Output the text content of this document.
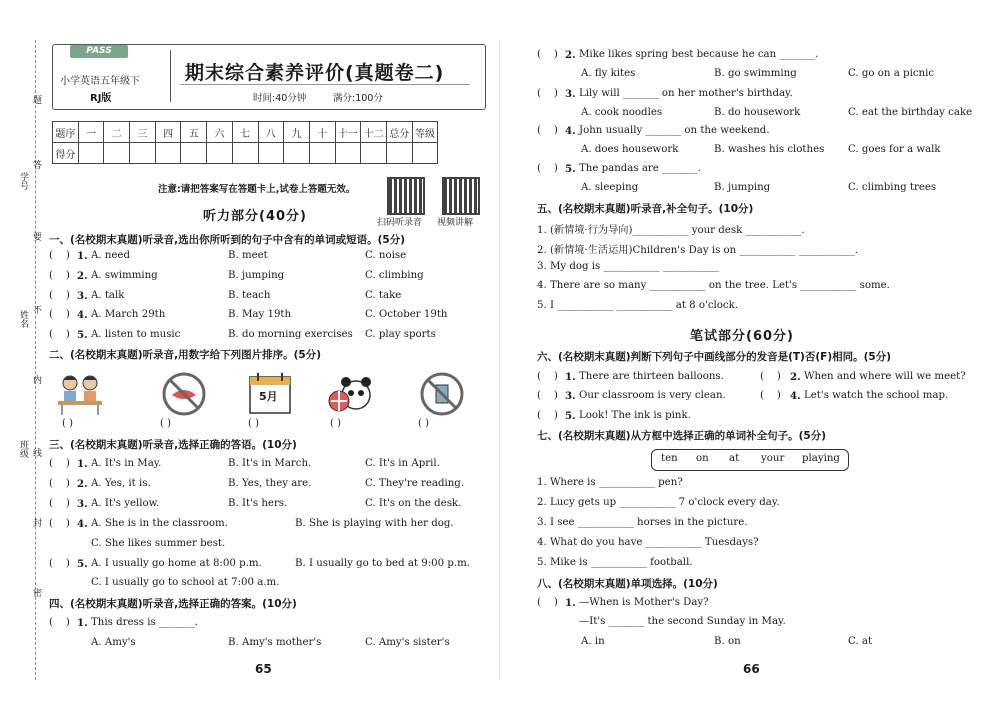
学号
姓名
班级
题
答
要
不
内
线
封
密
PASS
小学英语五年级下
RJ版
期末综合素养评价(真题卷二)
时间:40分钟	满分:100分
题序	一	二	三	四	五	六	七	八	九	十	十一	十二	总分	等级
得分														
注意:请把答案写在答题卡上,试卷上答题无效。
扫码听录音 视频讲解
听力部分(40分)
一、(名校期末真题)听录音,选出你所听到的句子中含有的单词或短语。(5分)
(    ) 1. A. need	B. meet	C. noise
(    ) 2. A. swimming	B. jumping	C. climbing
(    ) 3. A. talk	B. teach	C. take
(    ) 4. A. March 29th	B. May 19th	C. October 19th
(    ) 5. A. listen to music	B. do morning exercises C. play sports
二、(名校期末真题)听录音,用数字给下列图片排序。(5分)
5月
( )	( )	( )	( )	( )
三、(名校期末真题)听录音,选择正确的答语。(10分)
(    ) 1. A. It's in May.	B. It's in March.	C. It's in April.
(    ) 2. A. Yes, it is.	B. Yes, they are.	C. They're reading.
(    ) 3. A. It's yellow.	B. It's hers.	C. It's on the desk.
(    ) 4. A. She is in the classroom.	B. She is playing with her dog.
C. She likes summer best.
(    ) 5. A. I usually go home at 8:00 p.m.	B. I usually go to bed at 9:00 p.m.
C. I usually go to school at 7:00 a.m.
四、(名校期末真题)听录音,选择正确的答案。(10分)
(    ) 1. This dress is _______.
A. Amy's	B. Amy's mother's	C. Amy's sister's
65
(    ) 2. Mike likes spring best because he can _______.
A. fly kites	B. go swimming	C. go on a picnic
(    ) 3. Lily will _______ on her mother's birthday.
A. cook noodles	B. do housework	C. eat the birthday cake
(    ) 4. John usually _______ on the weekend.
A. does housework	B. washes his clothes C. goes for a walk
(    ) 5. The pandas are _______.
A. sleeping	B. jumping	C. climbing trees
五、(名校期末真题)听录音,补全句子。(10分)
1. (新情境·行为导向)___________ your desk ___________.
2. (新情境·生活运用)Children's Day is on ___________ ___________.
3. My dog is ___________ ___________
4. There are so many ___________ on the tree. Let's ___________ some.
5. I ___________ ___________ at 8 o'clock.
笔试部分(60分)
六、(名校期末真题)判断下列句子中画线部分的发音是(T)否(F)相同。(5分)
(    ) 1. There are thirteen balloons.	(    ) 2. When and where will we meet?
(    ) 3. Our classroom is very clean.	(    ) 4. Let's watch the school map.
(    ) 5. Look! The ink is pink.
七、(名校期末真题)从方框中选择正确的单词补全句子。(5分)
ten on at your playing
1. Where is ___________ pen?
2. Lucy gets up ___________ 7 o'clock every day.
3. I see ___________ horses in the picture.
4. What do you have ___________ Tuesdays?
5. Mike is ___________ football.
八、(名校期末真题)单项选择。(10分)
(    ) 1. —When is Mother's Day?
—It's _______ the second Sunday in May.
A. in	B. on	C. at
66
